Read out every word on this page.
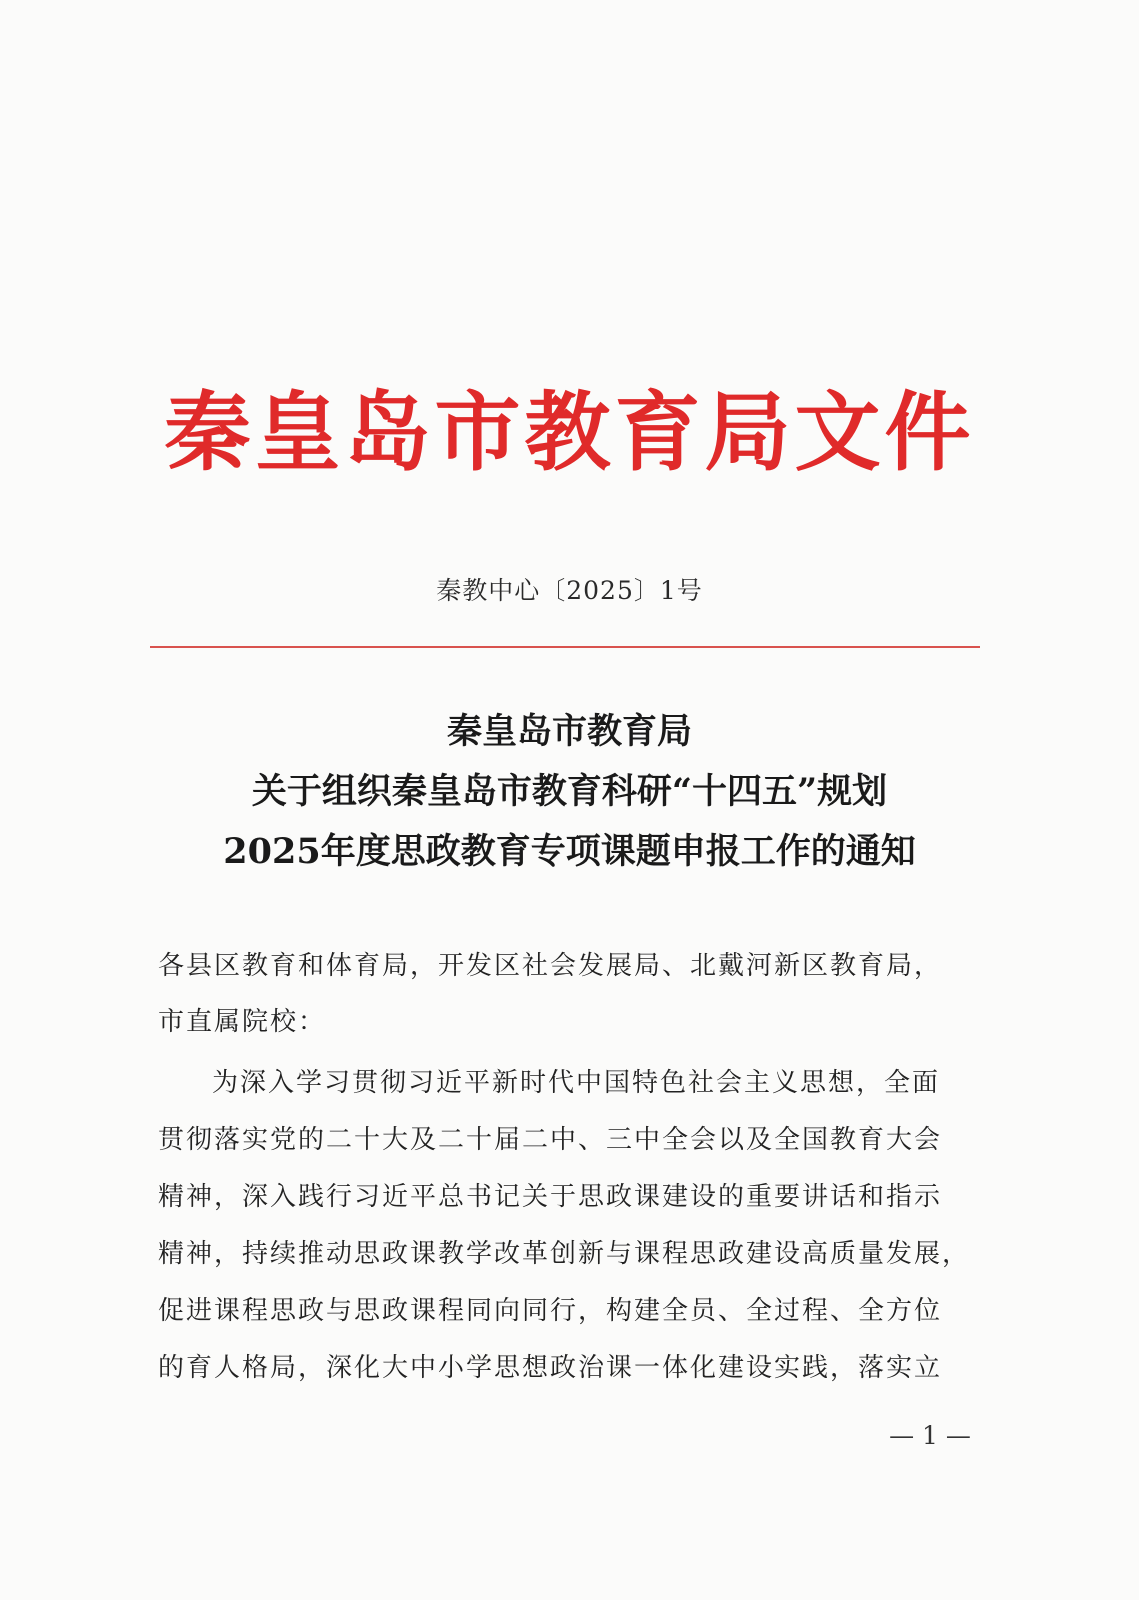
秦皇岛市教育局文件
秦教中心〔2025〕1号
秦皇岛市教育局
关于组织秦皇岛市教育科研“十四五”规划
2025年度思政教育专项课题申报工作的通知
各县区教育和体育局，开发区社会发展局、北戴河新区教育局，
市直属院校：
为深入学习贯彻习近平新时代中国特色社会主义思想，全面
贯彻落实党的二十大及二十届二中、三中全会以及全国教育大会
精神，深入践行习近平总书记关于思政课建设的重要讲话和指示
精神，持续推动思政课教学改革创新与课程思政建设高质量发展，
促进课程思政与思政课程同向同行，构建全员、全过程、全方位
的育人格局，深化大中小学思想政治课一体化建设实践，落实立
— 1 —
